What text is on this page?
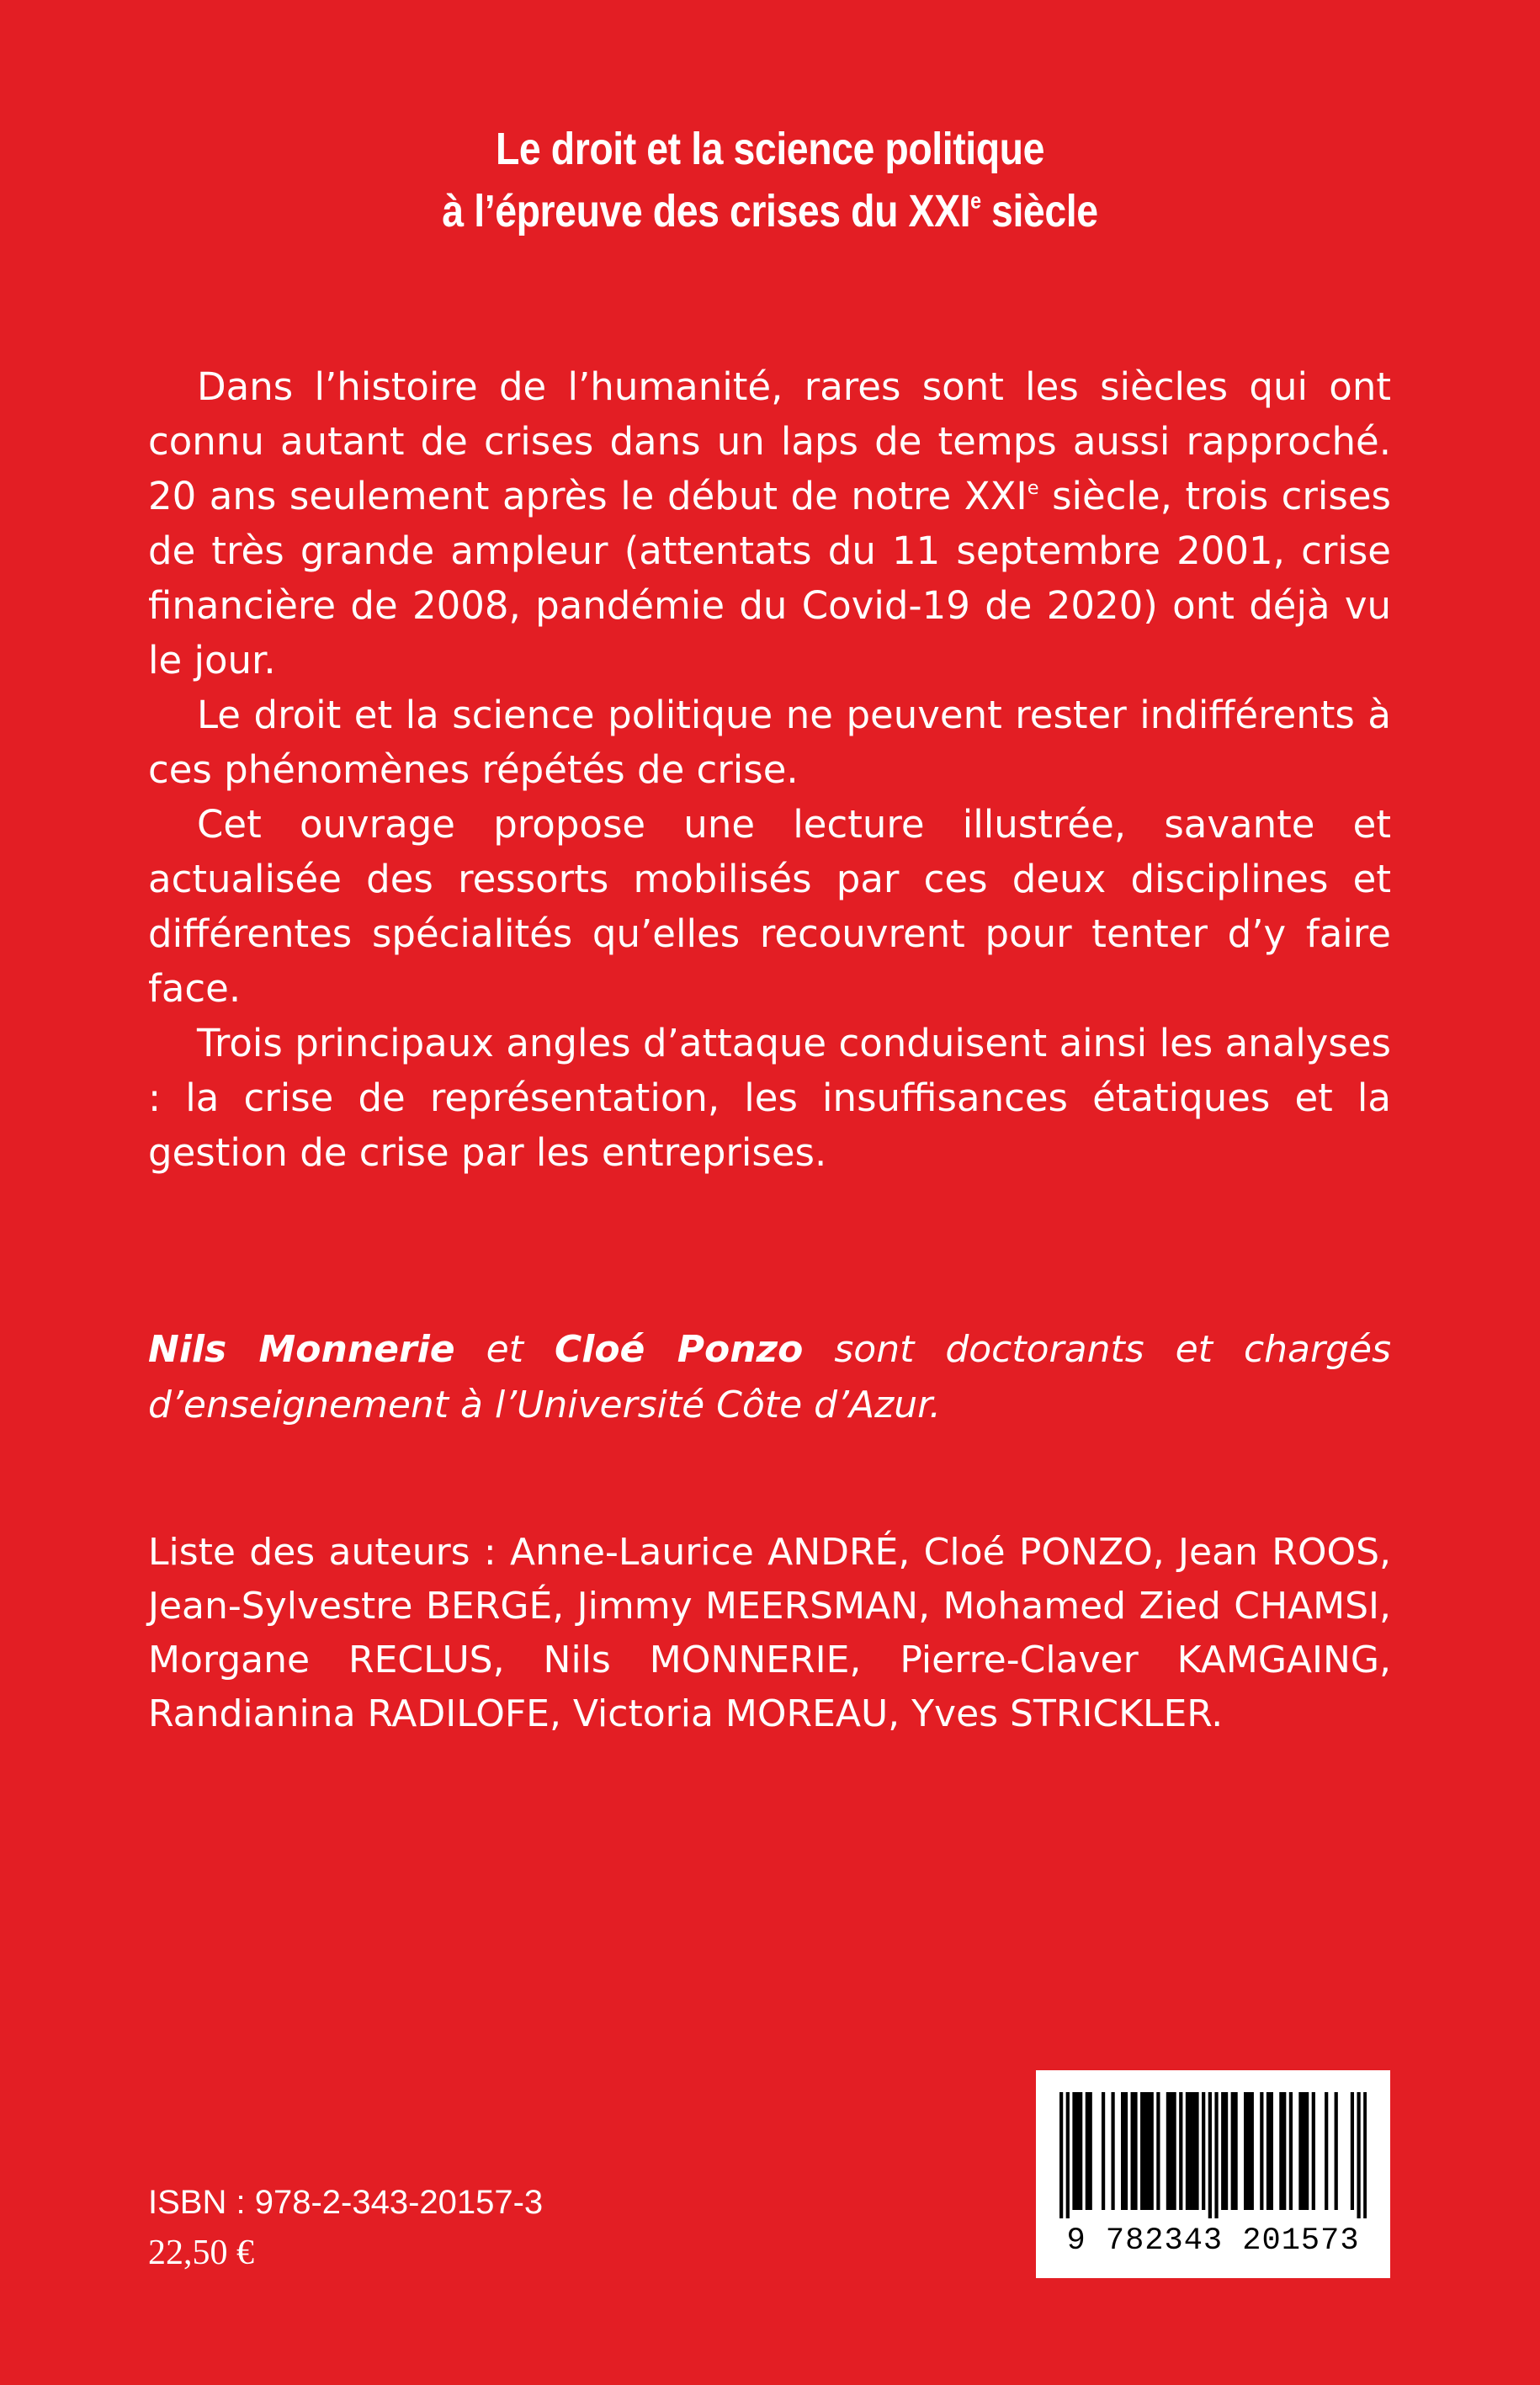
Le droit et la science politique
à l’épreuve des crises du XXIe siècle

Dans l’histoire de l’humanité, rares sont les siècles qui ont connu autant de crises dans un laps de temps aussi rapproché. 20 ans seulement après le début de notre XXIe siècle, trois crises de très grande ampleur (attentats du 11 septembre 2001, crise financière de 2008, pandémie du Covid-19 de 2020) ont déjà vu le jour.

Le droit et la science politique ne peuvent rester indifférents à ces phénomènes répétés de crise.

Cet ouvrage propose une lecture illustrée, savante et actualisée des ressorts mobilisés par ces deux disciplines et différentes spécialités qu’elles recouvrent pour tenter d’y faire face.

Trois principaux angles d’attaque conduisent ainsi les analyses : la crise de représentation, les insuffisances étatiques et la gestion de crise par les entreprises.

Nils Monnerie et Cloé Ponzo sont doctorants et chargés d’enseignement à l’Université Côte d’Azur.
Liste des auteurs : Anne-Laurice ANDRÉ, Cloé PONZO, Jean ROOS, Jean-Sylvestre BERGÉ, Jimmy MEERSMAN, Mohamed Zied CHAMSI, Morgane RECLUS, Nils MONNERIE, Pierre-Claver KAMGAING, Randianina RADILOFE, Victoria MOREAU, Yves STRICKLER.
ISBN : 978-2-343-20157-3
22,50 €	9 782343 201573
